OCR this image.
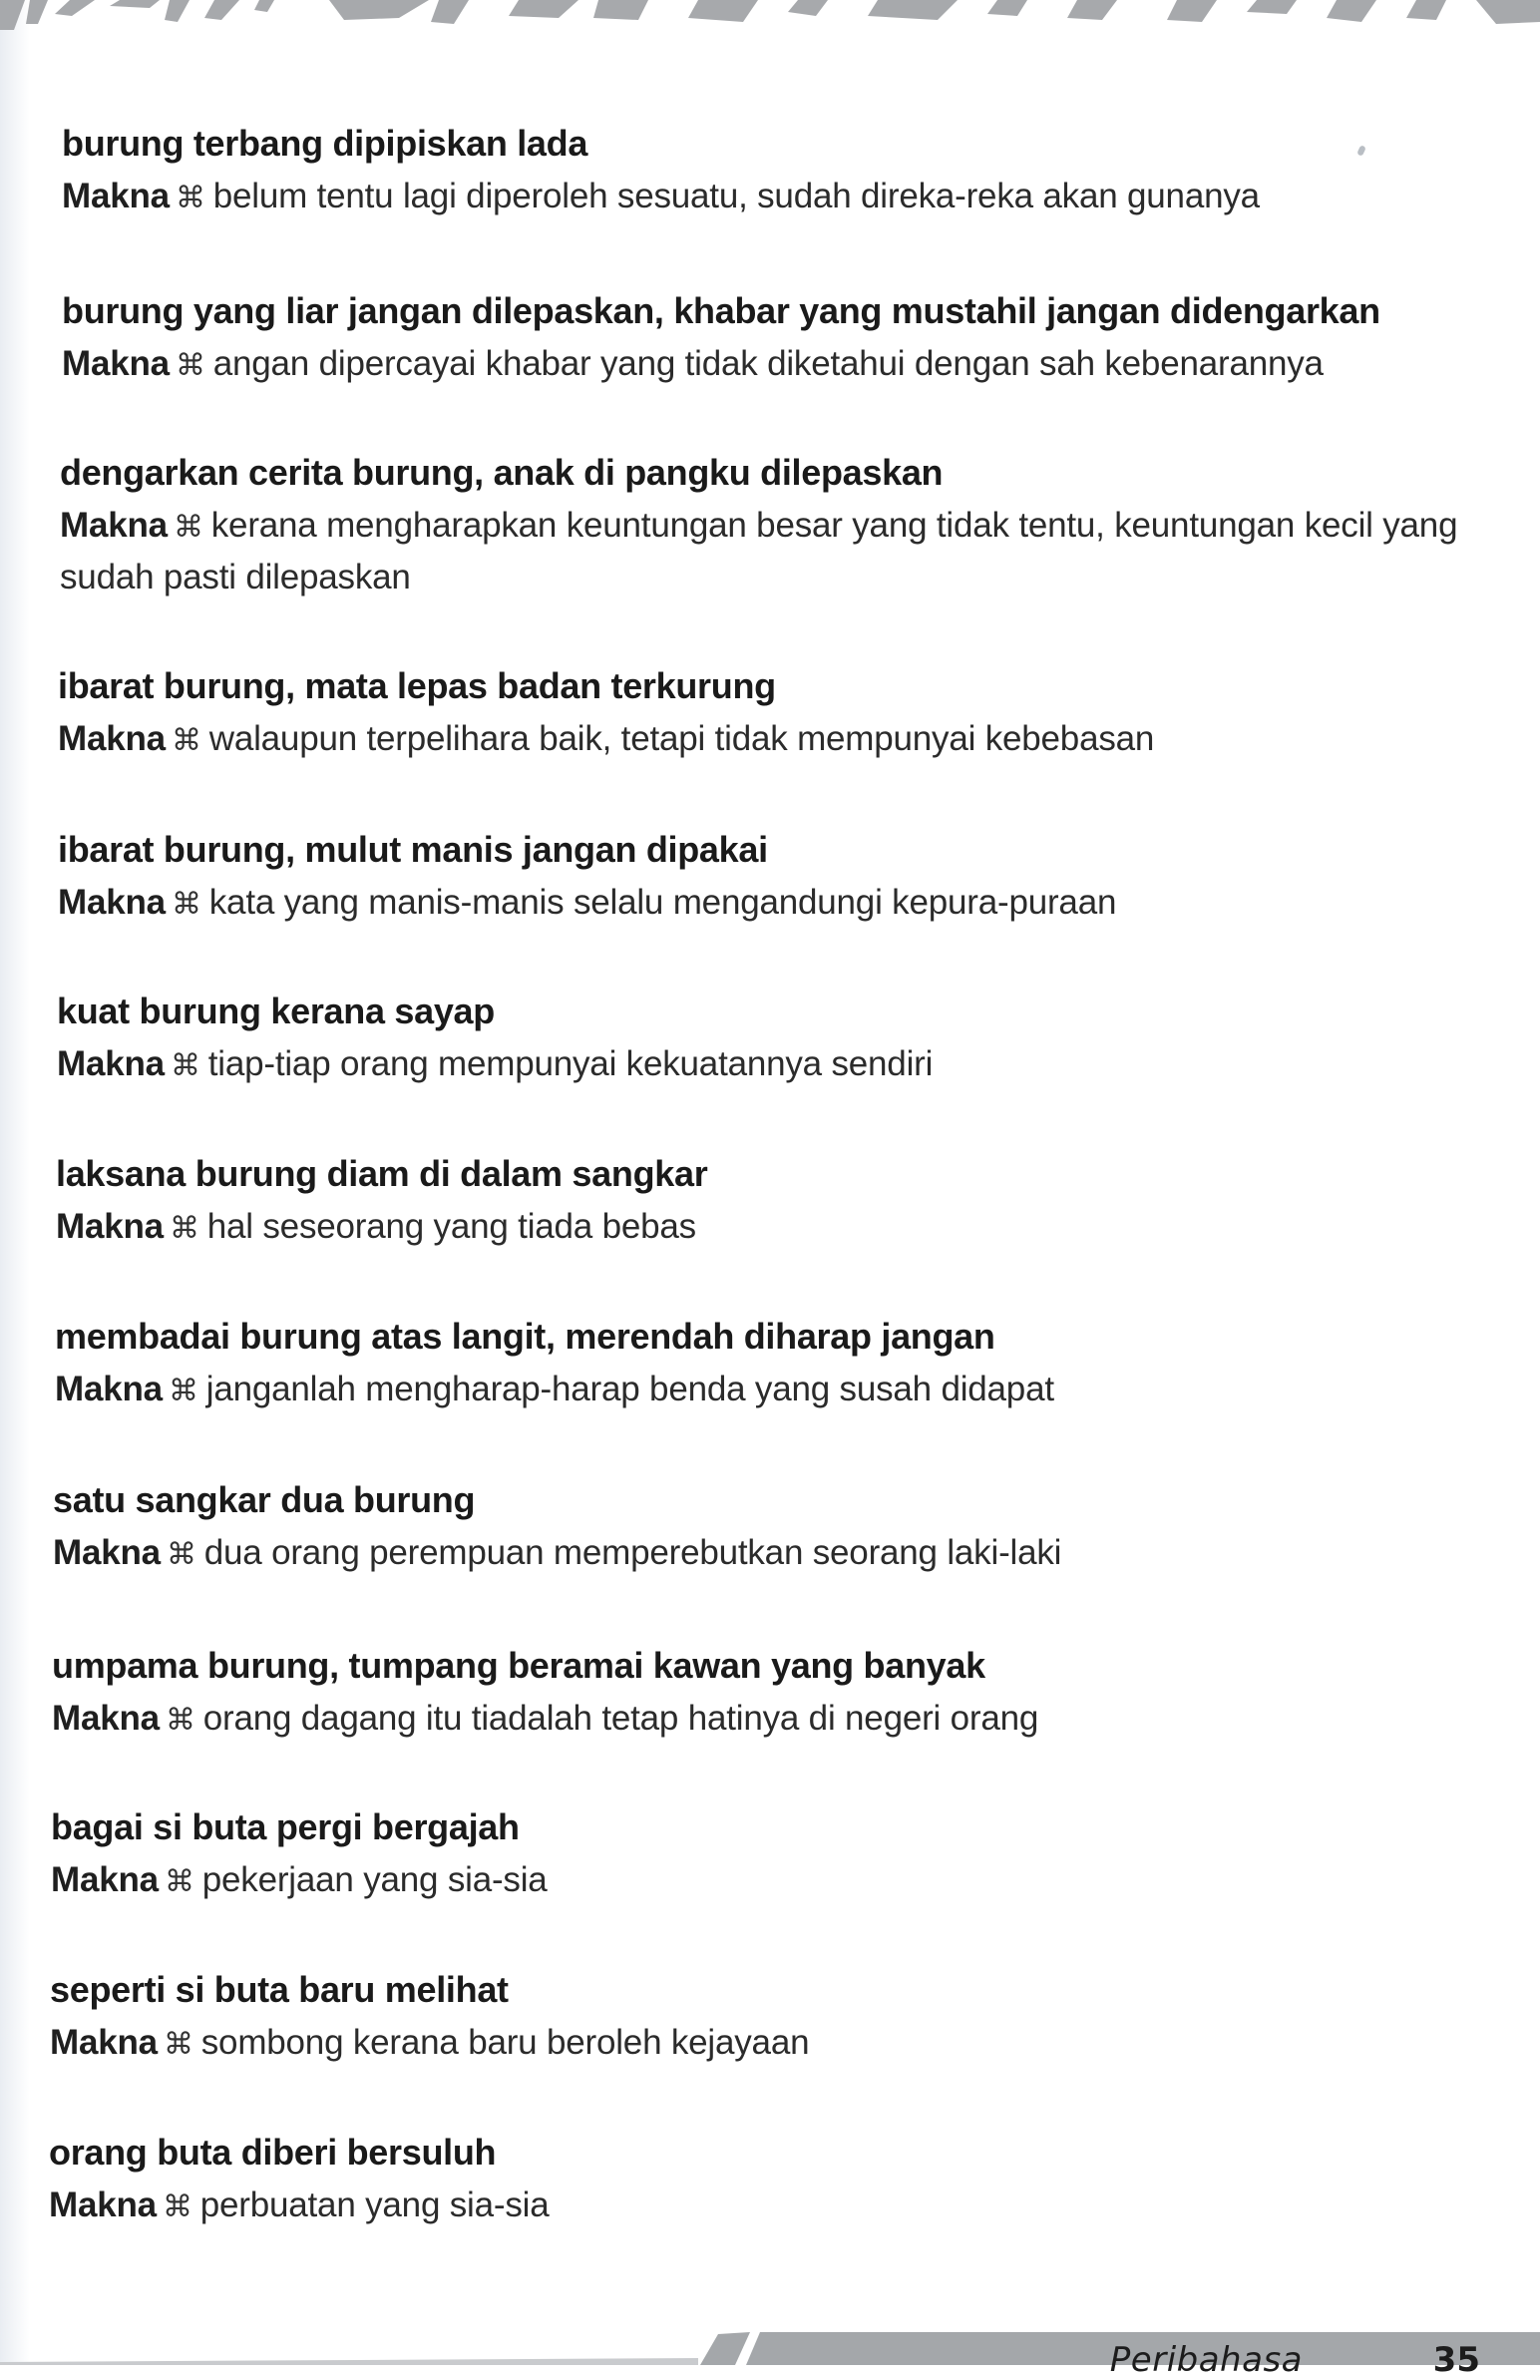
burung terbang dipipiskan lada
Makna ⌘ belum tentu lagi diperoleh sesuatu, sudah direka-reka akan gunanya
burung yang liar jangan dilepaskan, khabar yang mustahil jangan didengarkan
Makna ⌘ angan dipercayai khabar yang tidak diketahui dengan sah kebenarannya
dengarkan cerita burung, anak di pangku dilepaskan
Makna ⌘ kerana mengharapkan keuntungan besar yang tidak tentu, keuntungan kecil yang sudah pasti dilepaskan
ibarat burung, mata lepas badan terkurung
Makna ⌘ walaupun terpelihara baik, tetapi tidak mempunyai kebebasan
ibarat burung, mulut manis jangan dipakai
Makna ⌘ kata yang manis-manis selalu mengandungi kepura-puraan
kuat burung kerana sayap
Makna ⌘ tiap-tiap orang mempunyai kekuatannya sendiri
laksana burung diam di dalam sangkar
Makna ⌘ hal seseorang yang tiada bebas
membadai burung atas langit, merendah diharap jangan
Makna ⌘ janganlah mengharap-harap benda yang susah didapat
satu sangkar dua burung
Makna ⌘ dua orang perempuan memperebutkan seorang laki-laki
umpama burung, tumpang beramai kawan yang banyak
Makna ⌘ orang dagang itu tiadalah tetap hatinya di negeri orang
bagai si buta pergi bergajah
Makna ⌘ pekerjaan yang sia-sia
seperti si buta baru melihat
Makna ⌘ sombong kerana baru beroleh kejayaan
orang buta diberi bersuluh
Makna ⌘ perbuatan yang sia-sia
Peribahasa	35
